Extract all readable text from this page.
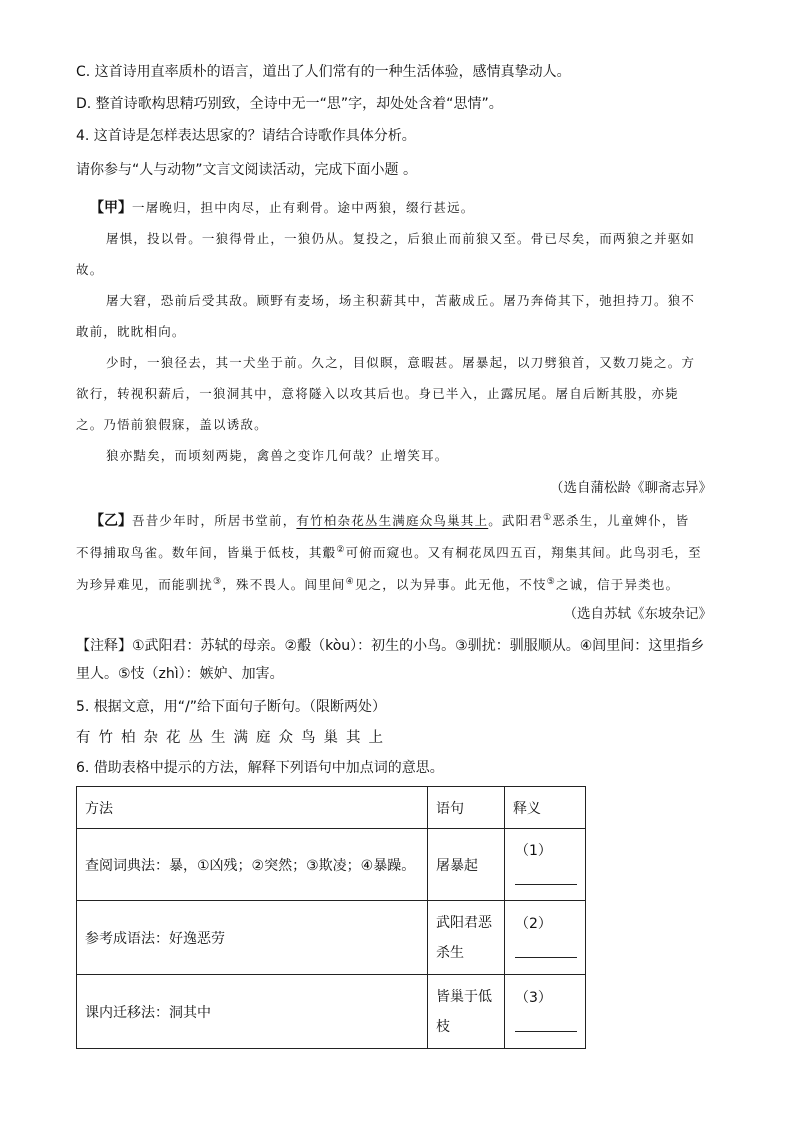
C. 这首诗用直率质朴的语言，道出了人们常有的一种生活体验，感情真挚动人。
D. 整首诗歌构思精巧别致，全诗中无一“思”字，却处处含着“思情”。
4. 这首诗是怎样表达思家的？请结合诗歌作具体分析。
请你参与“人与动物”文言文阅读活动，完成下面小题 。
【甲】一屠晚归，担中肉尽，止有剩骨。途中两狼，缀行甚远。
屠惧，投以骨。一狼得骨止，一狼仍从。复投之，后狼止而前狼又至。骨已尽矣，而两狼之并驱如
故。
屠大窘，恐前后受其敌。顾野有麦场，场主积薪其中，苫蔽成丘。屠乃奔倚其下，弛担持刀。狼不
敢前，眈眈相向。
少时，一狼径去，其一犬坐于前。久之，目似瞑，意暇甚。屠暴起，以刀劈狼首，又数刀毙之。方
欲行，转视积薪后，一狼洞其中，意将隧入以攻其后也。身已半入，止露尻尾。屠自后断其股，亦毙
之。乃悟前狼假寐，盖以诱敌。
狼亦黠矣，而顷刻两毙，禽兽之变诈几何哉？止增笑耳。
（选自蒲松龄《聊斋志异》
【乙】吾昔少年时，所居书堂前，有竹柏杂花丛生满庭众鸟巢其上。武阳君①恶杀生，儿童婢仆，皆
不得捕取鸟雀。数年间，皆巢于低枝，其鷇②可俯而窥也。又有桐花凤四五百，翔集其间。此鸟羽毛，至
为珍异难见，而能驯扰③，殊不畏人。闾里间④见之，以为异事。此无他，不忮⑤之诚，信于异类也。
（选自苏轼《东坡杂记》
【注释】①武阳君：苏轼的母亲。②鷇（kòu）：初生的小鸟。③驯扰：驯服顺从。④闾里间：这里指乡
里人。⑤忮（zhì）：嫉妒、加害。
5. 根据文意，用“/”给下面句子断句。（限断两处）
有竹柏杂花丛生满庭众鸟巢其上
6. 借助表格中提示的方法，解释下列语句中加点词的意思。
方法	语句	释义
查阅词典法：暴，①凶残；②突然；③欺凌；④暴躁。	屠暴起	（1）

参考成语法：好逸恶劳	武阳君恶杀生	（2）

课内迁移法：洞其中	皆巢于低枝	（3）
